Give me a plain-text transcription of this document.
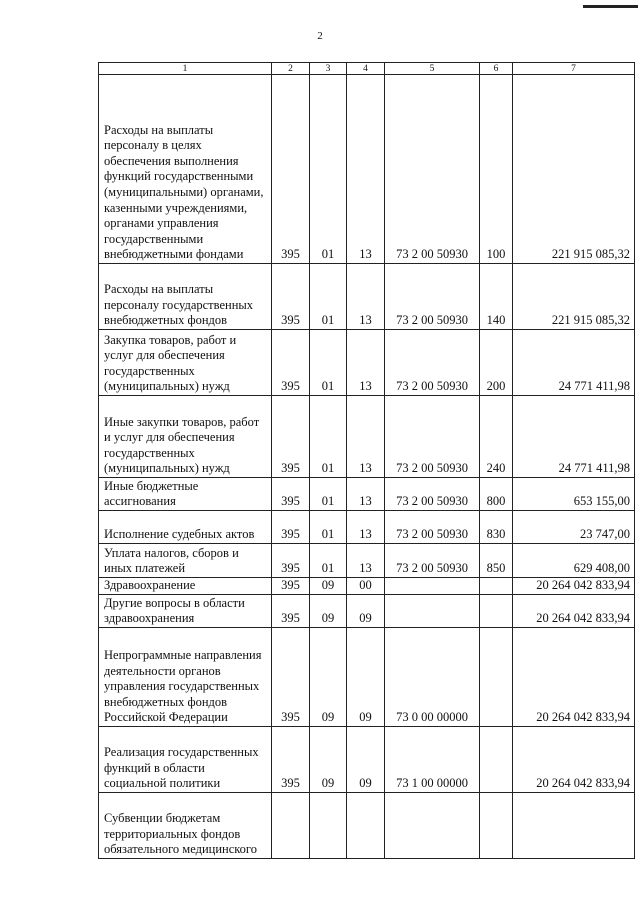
2
1	2	3	4	5	6	7

Расходы на выплаты персоналу в целях обеспечения выполнения функций государственными (муниципальными) органами, казенными учреждениями, органами управления государственными внебюджетными фондами	395	01	13	73 2 00 50930	100	221 915 085,32

Расходы на выплаты персоналу государственных внебюджетных фондов	395	01	13	73 2 00 50930	140	221 915 085,32

Закупка товаров, работ и услуг для обеспечения государственных (муниципальных) нужд	395	01	13	73 2 00 50930	200	24 771 411,98

Иные закупки товаров, работ и услуг для обеспечения государственных (муниципальных) нужд	395	01	13	73 2 00 50930	240	24 771 411,98

Иные бюджетные ассигнования	395	01	13	73 2 00 50930	800	653 155,00

Исполнение судебных актов	395	01	13	73 2 00 50930	830	23 747,00

Уплата налогов, сборов и иных платежей	395	01	13	73 2 00 50930	850	629 408,00

Здравоохранение	395	09	00			20 264 042 833,94

Другие вопросы в области здравоохранения	395	09	09			20 264 042 833,94

Непрограммные направления деятельности органов управления государственных внебюджетных фондов Российской Федерации	395	09	09	73 0 00 00000		20 264 042 833,94

Реализация государственных функций в области социальной политики	395	09	09	73 1 00 00000		20 264 042 833,94

Субвенции бюджетам территориальных фондов обязательного медицинского						
